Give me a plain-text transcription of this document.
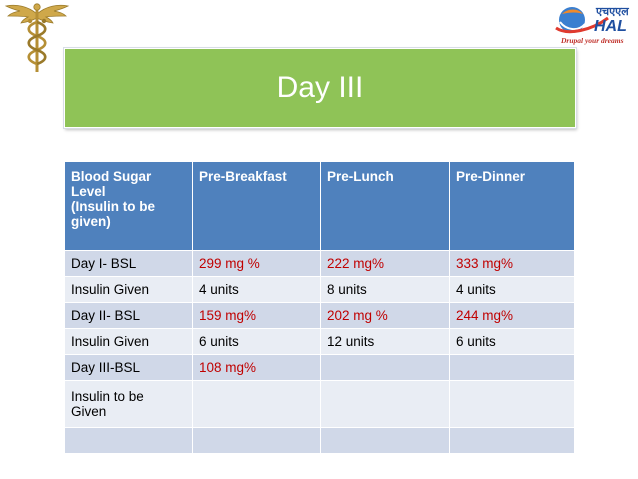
एचएएल
HAL
Drupal your dreams
Day III
Blood Sugar
Level
(Insulin to be
given)	Pre-Breakfast	Pre-Lunch	Pre-Dinner
Day I- BSL	299 mg %	222 mg%	333 mg%
Insulin Given	4 units	8 units	4 units
Day II- BSL	159 mg%	202 mg %	244 mg%
Insulin Given	6 units	12 units	6 units
Day III-BSL	108 mg%		

Insulin to be
Given			
